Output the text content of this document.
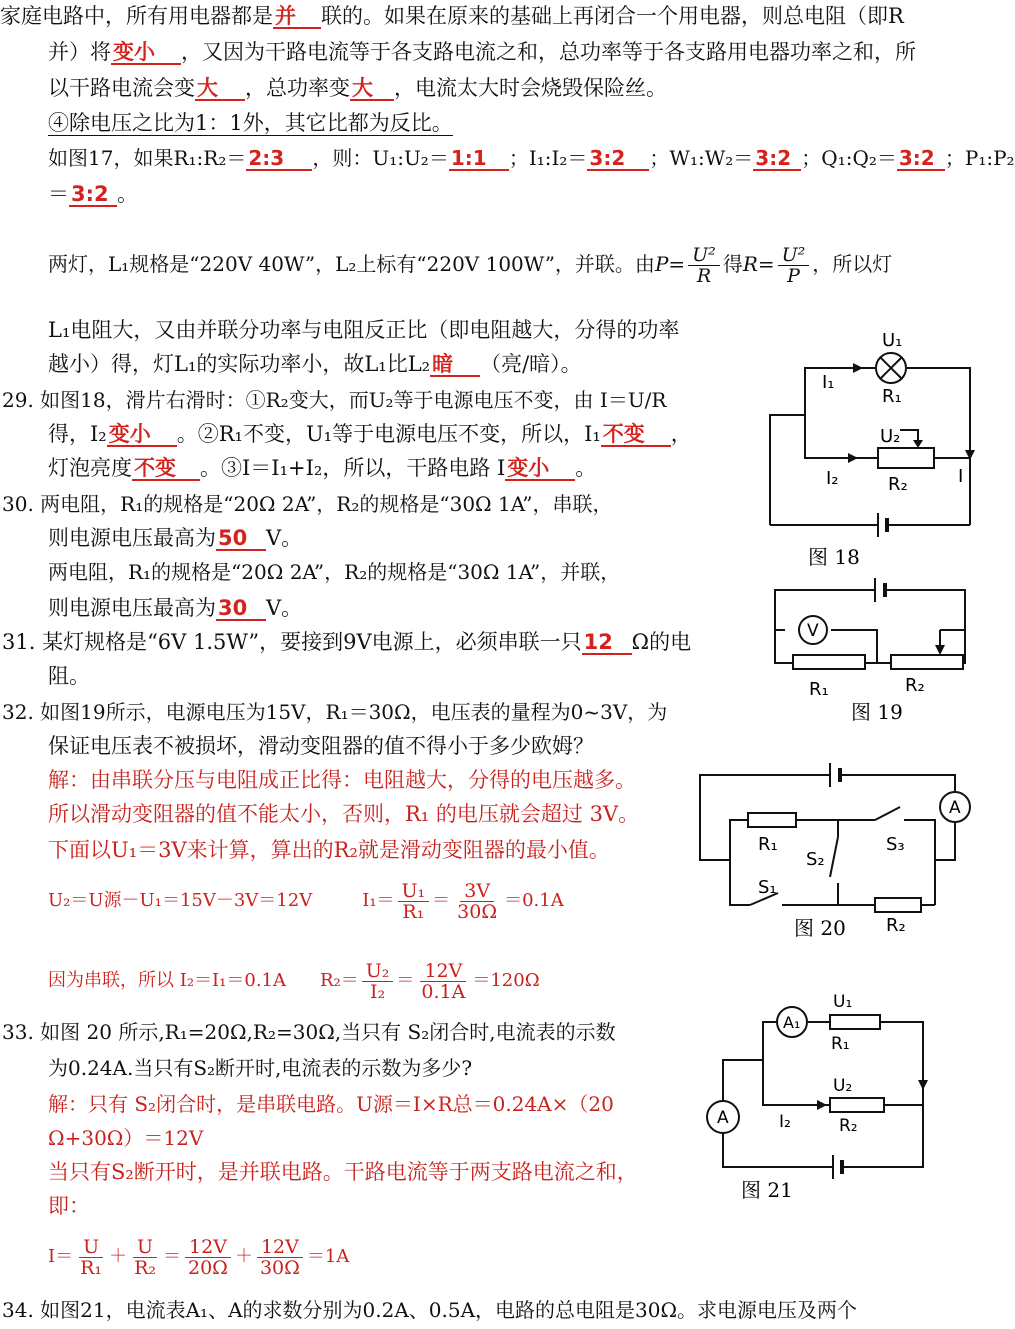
家庭电路中，所有用电器都是并 联的。如果在原来的基础上再闭合一个用电器，则总电阻（即R
并）将变小 ，又因为干路电流等于各支路电流之和，总功率等于各支路用电器功率之和，所
以干路电流会变大 ，总功率变大 ，电流太大时会烧毁保险丝。
④除电压之比为1：1外，其它比都为反比。
如图17，如果R₁:R₂＝ 2:3 ，则：U₁:U₂＝ 1:1 ；I₁:I₂＝ 3:2 ；W₁:W₂＝ 3:2 ；Q₁:Q₂＝ 3:2 ；P₁:P₂
＝3:2 。
两灯，L₁规格是“220V 40W”，L₂上标有“220V 100W”，并联。由$P= \frac{\text{U²}}{R}$ 得$R= \frac{\text{U²}}{P}$ ，所以灯
L₁电阻大，又由并联分功率与电阻反正比（即电阻越大，分得的功率
越小）得，灯L₁的实际功率小，故L₁比L₂暗 （亮/暗）。
29. 如图18，滑片右滑时：①R₂变大，而U₂等于电源电压不变，由 I＝U/R
得，I₂变小 。②R₁不变，U₁等于电源电压不变，所以，I₁不变 ，
灯泡亮度不变 。③I＝I₁+I₂，所以，干路电路 I变小 。
30. 两电阻，R₁的规格是“20Ω 2A”，R₂的规格是“30Ω 1A”，串联，
则电源电压最高为50 V。
两电阻，R₁的规格是“20Ω 2A”，R₂的规格是“30Ω 1A”，并联，
则电源电压最高为30 V。
31. 某灯规格是“6V 1.5W”，要接到9V电源上，必须串联一只12 Ω的电
阻。
32. 如图19所示，电源电压为15V，R₁＝30Ω，电压表的量程为0~3V，为
保证电压表不被损坏，滑动变阻器的值不得小于多少欧姆？
解：由串联分压与电阻成正比得：电阻越大，分得的电压越多。
所以滑动变阻器的值不能太小，否则，R₁ 的电压就会超过 3V。
下面以U₁＝3V来计算，算出的R₂就是滑动变阻器的最小值。
U₂＝U源－U₁＝15V－3V＝12V	$I_1= \frac{\text{U₁}}{\text{R₁}} = \frac{3V}{30\Omega} =0.1A$
因为串联，所以 I₂＝I₁＝0.1A $R_2= \frac{\text{U₂}}{\text{I₂}} = \frac{12V}{0.1A} =120\Omega$
33. 如图 20 所示,R₁=20Ω,R₂=30Ω,当只有 S₂闭合时,电流表的示数
为0.24A.当只有S₂断开时,电流表的示数为多少?
解：只有 S₂闭合时，是串联电路。U源＝I×R总＝0.24A×（20
Ω+30Ω）＝12V
当只有S₂断开时，是并联电路。干路电流等于两支路电流之和，
即：
$I= \frac{U}{\text{R₁}} + \frac{U}{\text{R₂}} = \frac{12V}{20\Omega} + \frac{12V}{30\Omega} =1A$
34. 如图21，电流表A₁、A的求数分别为0.2A、0.5A，电路的总电阻是30Ω。求电源电压及两个
U₁
I₁
R₁
U₂
I₂	R₂	I
图 18
V
R₁	R₂
图 19
A
R₁	S₃
S₂
S₁
R₂
图 20
A₁
U₁
R₁
A
U₂
I₂	R₂
图 21
